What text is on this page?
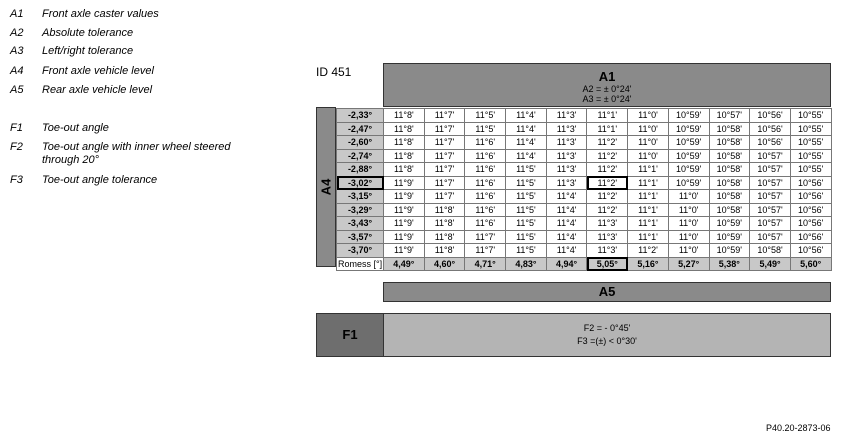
ID 451	A1
A2 = ± 0°24'
A3 = ± 0°24'
A4
-2,33°	11°8'	11°7'	11°5'	11°4'	11°3'	11°1'	11°0'	10°59'	10°57'	10°56'	10°55'
-2,47°	11°8'	11°7'	11°5'	11°4'	11°3'	11°1'	11°0'	10°59'	10°58'	10°56'	10°55'
-2,60°	11°8'	11°7'	11°6'	11°4'	11°3'	11°2'	11°0'	10°59'	10°58'	10°56'	10°55'
-2,74°	11°8'	11°7'	11°6'	11°4'	11°3'	11°2'	11°0'	10°59'	10°58'	10°57'	10°55'
-2,88°	11°8'	11°7'	11°6'	11°5'	11°3'	11°2'	11°1'	10°59'	10°58'	10°57'	10°55'
-3,02°	11°9'	11°7'	11°6'	11°5'	11°3'	11°2'	11°1'	10°59'	10°58'	10°57'	10°56'
-3,15°	11°9'	11°7'	11°6'	11°5'	11°4'	11°2'	11°1'	11°0'	10°58'	10°57'	10°56'
-3,29°	11°9'	11°8'	11°6'	11°5'	11°4'	11°2'	11°1'	11°0'	10°58'	10°57'	10°56'
-3,43°	11°9'	11°8'	11°6'	11°5'	11°4'	11°3'	11°1'	11°0'	10°59'	10°57'	10°56'
-3,57°	11°9'	11°8'	11°7'	11°5'	11°4'	11°3'	11°1'	11°0'	10°59'	10°57'	10°56'
-3,70°	11°9'	11°8'	11°7'	11°5'	11°4'	11°3'	11°2'	11°0'	10°59'	10°58'	10°56'
Romess [°]	4,49°	4,60°	4,71°	4,83°	4,94°	5,05°	5,16°	5,27°	5,38°	5,49°	5,60°
A5
F1	F2 = - 0°45'
F3 =(±) < 0°30'
P40.20-2873-06
A1 Front axle caster values
A2 Absolute tolerance
A3 Left/right tolerance
A4 Front axle vehicle level
A5 Rear axle vehicle level
F1 Toe-out angle
F2 Toe-out angle with inner wheel steered through 20°
F3 Toe-out angle tolerance
